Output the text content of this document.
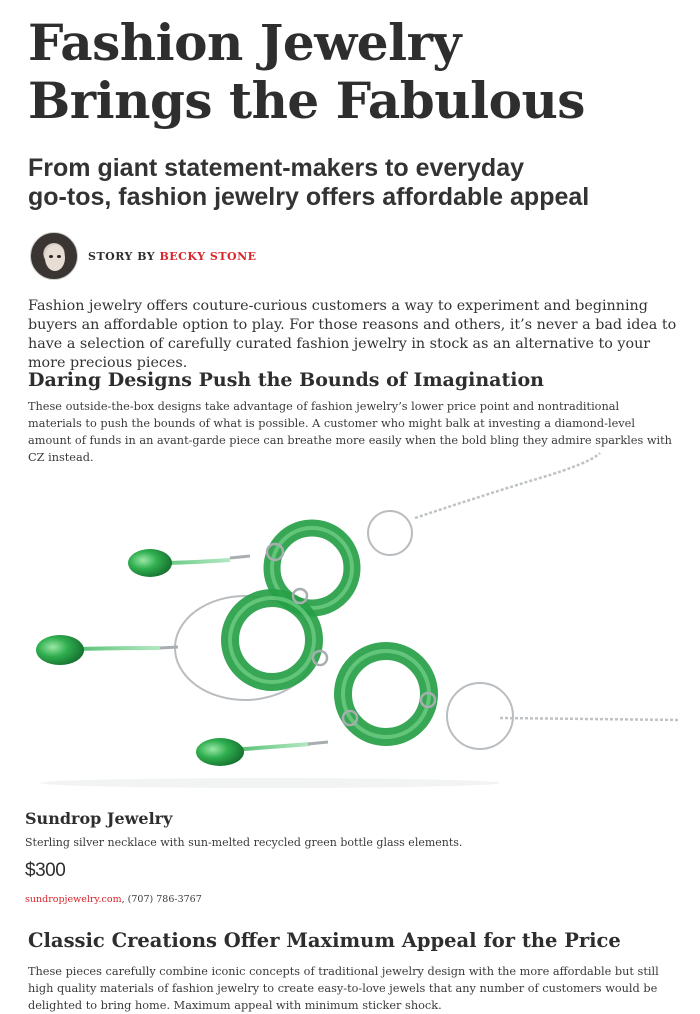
Fashion Jewelry
Brings the Fabulous
From giant statement-makers to everyday
go-tos, fashion jewelry offers affordable appeal
STORY BY BECKY STONE

Fashion jewelry offers couture-curious customers a way to experiment and beginning buyers an affordable option to play. For those reasons and others, it’s never a bad idea to have a selection of carefully curated fashion jewelry in stock as an alternative to your more precious pieces.

Daring Designs Push the Bounds of Imagination

These outside-the-box designs take advantage of fashion jewelry’s lower price point and nontraditional materials to push the bounds of what is possible. A customer who might balk at investing a diamond-level amount of funds in an avant-garde piece can breathe more easily when the bold bling they admire sparkles with CZ instead.

Sundrop Jewelry
Sterling silver necklace with sun-melted recycled green bottle glass elements.
$300
sundropjewelry.com, (707) 786-3767
Classic Creations Offer Maximum Appeal for the Price

These pieces carefully combine iconic concepts of traditional jewelry design with the more affordable but still high quality materials of fashion jewelry to create easy-to-love jewels that any number of customers would be delighted to bring home. Maximum appeal with minimum sticker shock.
